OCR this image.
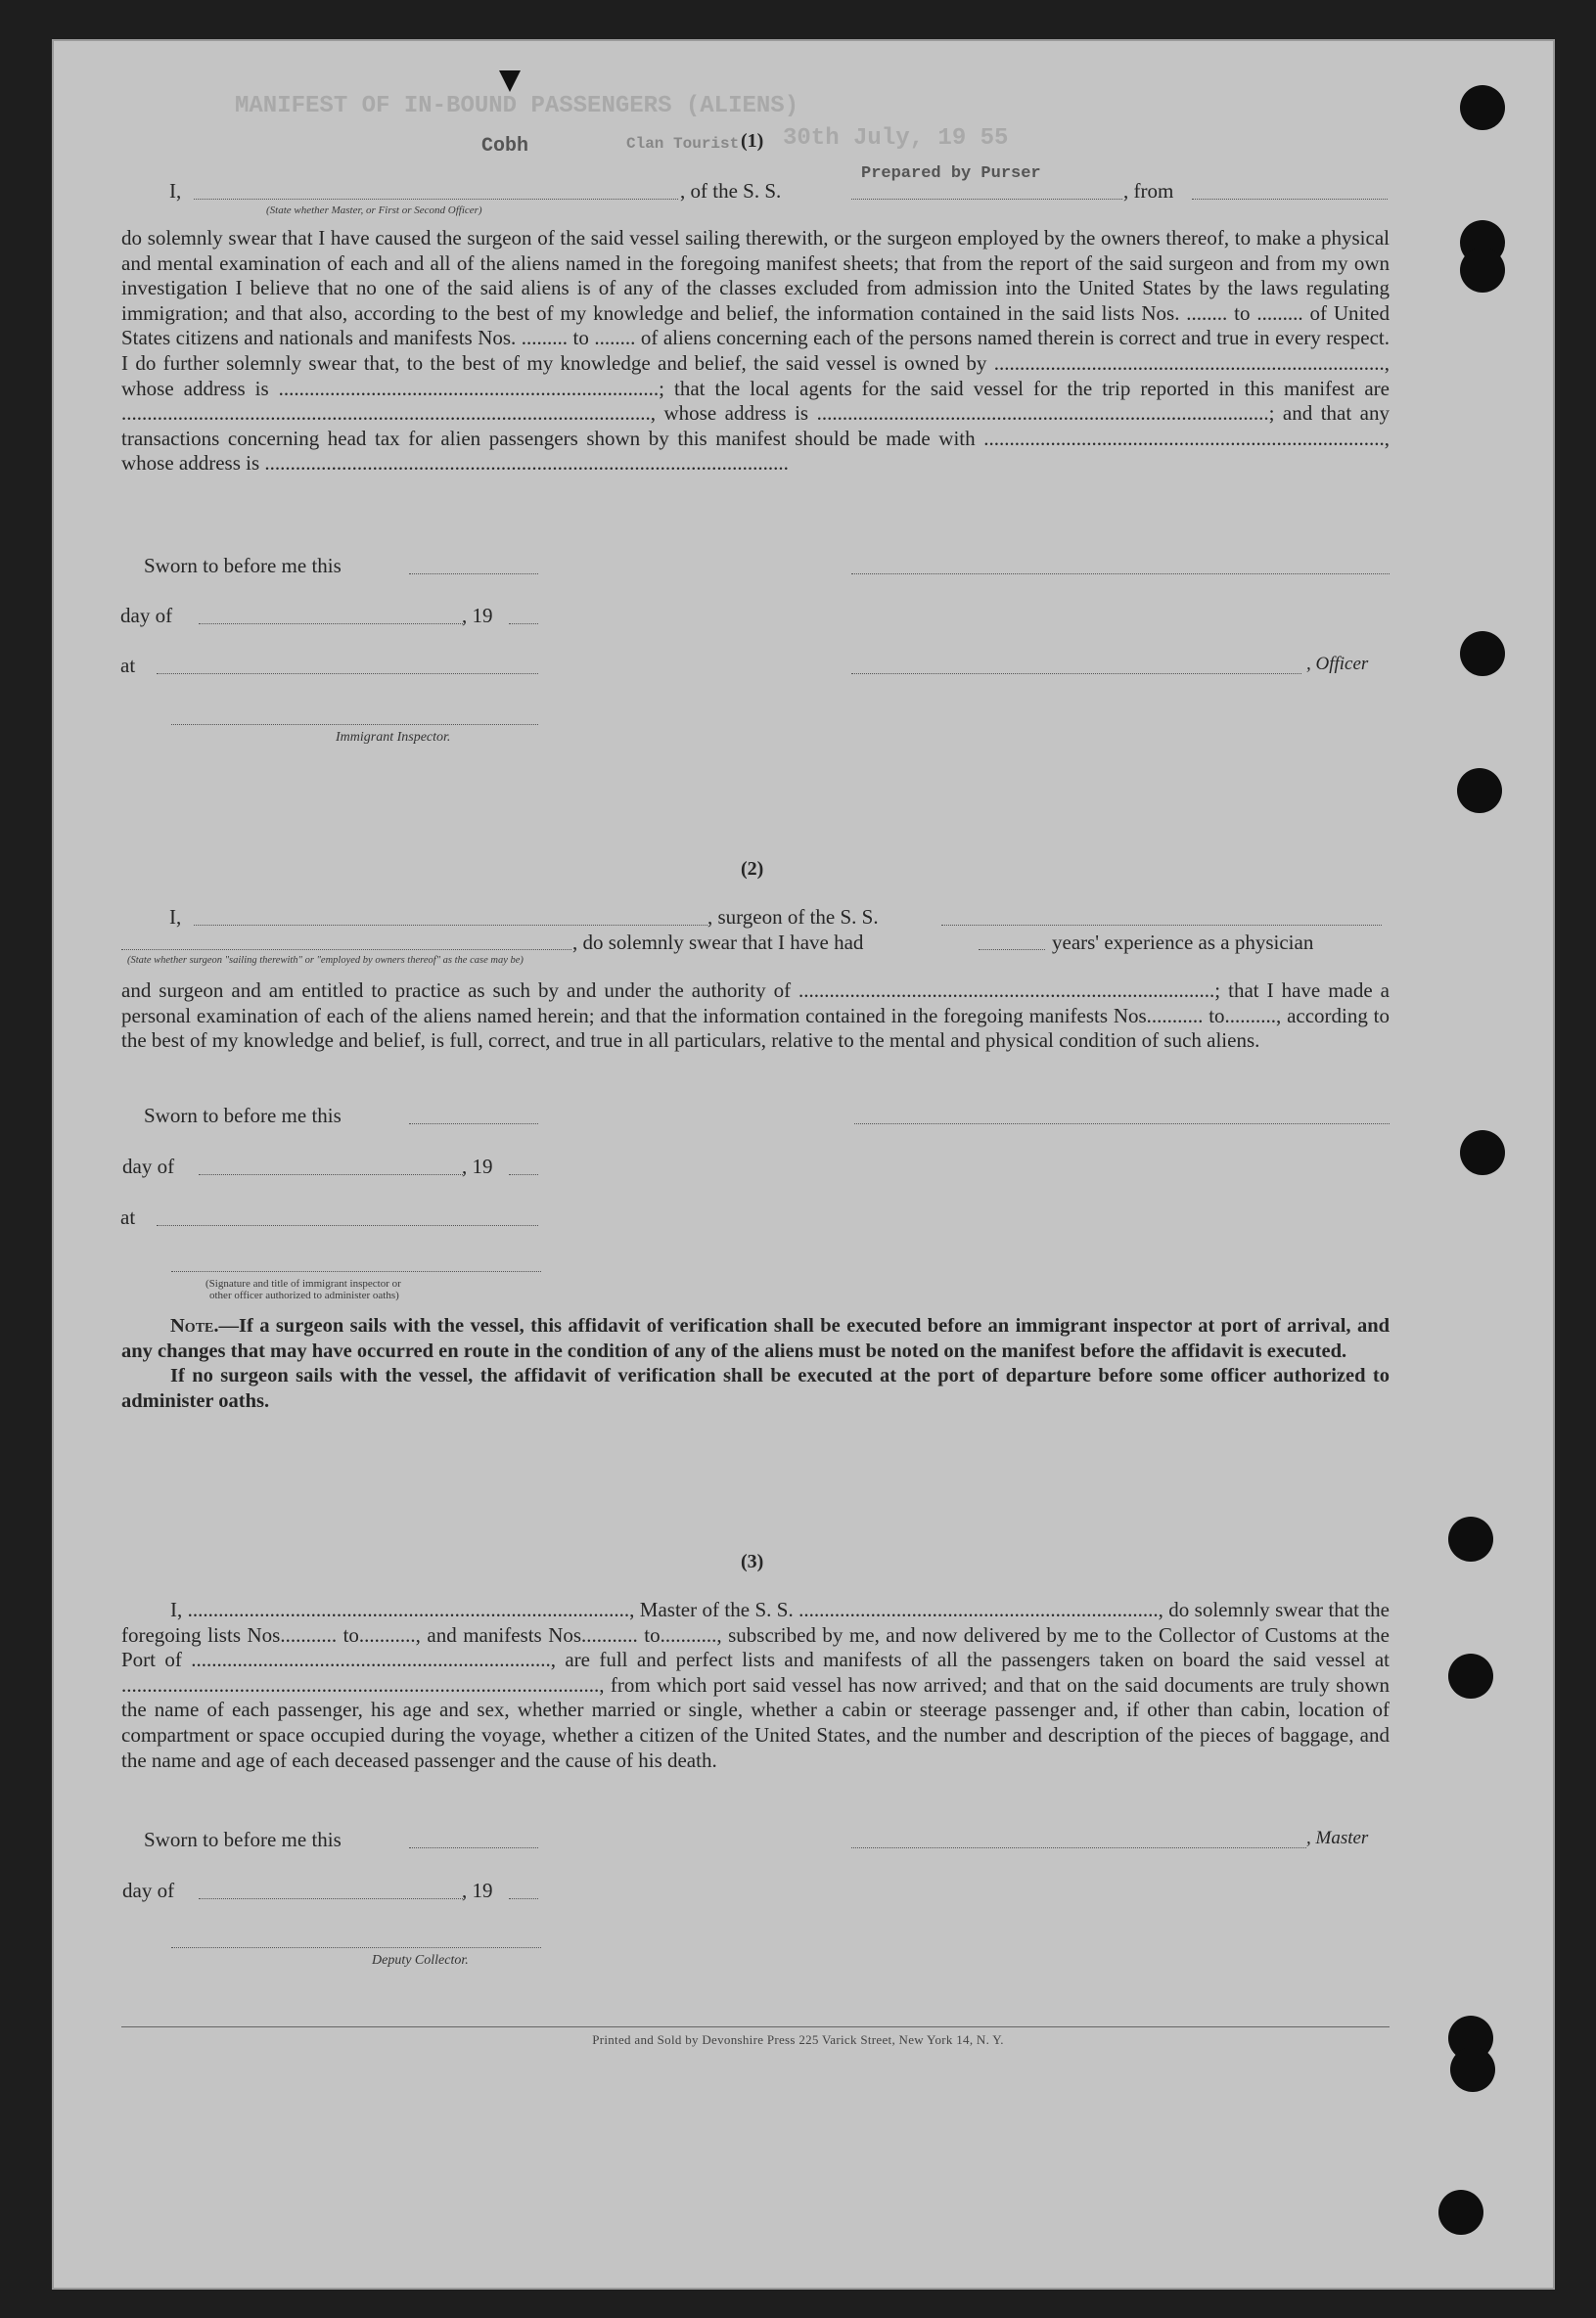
MANIFEST OF IN-BOUND PASSENGERS (ALIENS)
30th July, 19 55
(1)
Cobh	Clan Tourist
I,	, of the S. S.
Prepared by Purser
, from
(State whether Master, or First or Second Officer)

do solemnly swear that I have caused the surgeon of the said vessel sailing therewith, or the surgeon employed by the owners thereof, to make a physical and mental examination of each and all of the aliens named in the foregoing manifest sheets; that from the report of the said surgeon and from my own investigation I believe that no one of the said aliens is of any of the classes excluded from admission into the United States by the laws regulating immigration; and that also, according to the best of my knowledge and belief, the information contained in the said lists Nos. ........ to ......... of United States citizens and nationals and manifests Nos. ......... to ........ of aliens concerning each of the persons named therein is correct and true in every respect. I do further solemnly swear that, to the best of my knowledge and belief, the said vessel is owned by ............................................................................, whose address is ..........................................................................; that the local agents for the said vessel for the trip reported in this manifest are ......................................................................................................., whose address is ........................................................................................; and that any transactions concerning head tax for alien passengers shown by this manifest should be made with .............................................................................., whose address is ......................................................................................................

Sworn to before me this
day of	, 19
at	, Officer
Immigrant Inspector.
(2)
I,	, surgeon of the S. S.
, do solemnly swear that I have had	years' experience as a physician
(State whether surgeon "sailing therewith" or "employed by owners thereof" as the case may be)

and surgeon and am entitled to practice as such by and under the authority of .................................................................................; that I have made a personal examination of each of the aliens named herein; and that the information contained in the foregoing manifests Nos........... to.........., according to the best of my knowledge and belief, is full, correct, and true in all particulars, relative to the mental and physical condition of such aliens.

Sworn to before me this
day of	, 19
at
(Signature and title of immigrant inspector or
other officer authorized to administer oaths)

Note.—If a surgeon sails with the vessel, this affidavit of verification shall be executed before an immigrant inspector at port of arrival, and any changes that may have occurred en route in the condition of any of the aliens must be noted on the manifest before the affidavit is executed.

If no surgeon sails with the vessel, the affidavit of verification shall be executed at the port of departure before some officer authorized to administer oaths.

(3)

I, ......................................................................................, Master of the S. S. ......................................................................, do solemnly swear that the foregoing lists Nos........... to..........., and manifests Nos........... to..........., subscribed by me, and now delivered by me to the Collector of Customs at the Port of ......................................................................, are full and perfect lists and manifests of all the passengers taken on board the said vessel at ............................................................................................., from which port said vessel has now arrived; and that on the said documents are truly shown the name of each passenger, his age and sex, whether married or single, whether a cabin or steerage passenger and, if other than cabin, location of compartment or space occupied during the voyage, whether a citizen of the United States, and the number and description of the pieces of baggage, and the name and age of each deceased passenger and the cause of his death.

Sworn to before me this	, Master
day of	, 19
Deputy Collector.
Printed and Sold by Devonshire Press 225 Varick Street, New York 14, N. Y.
